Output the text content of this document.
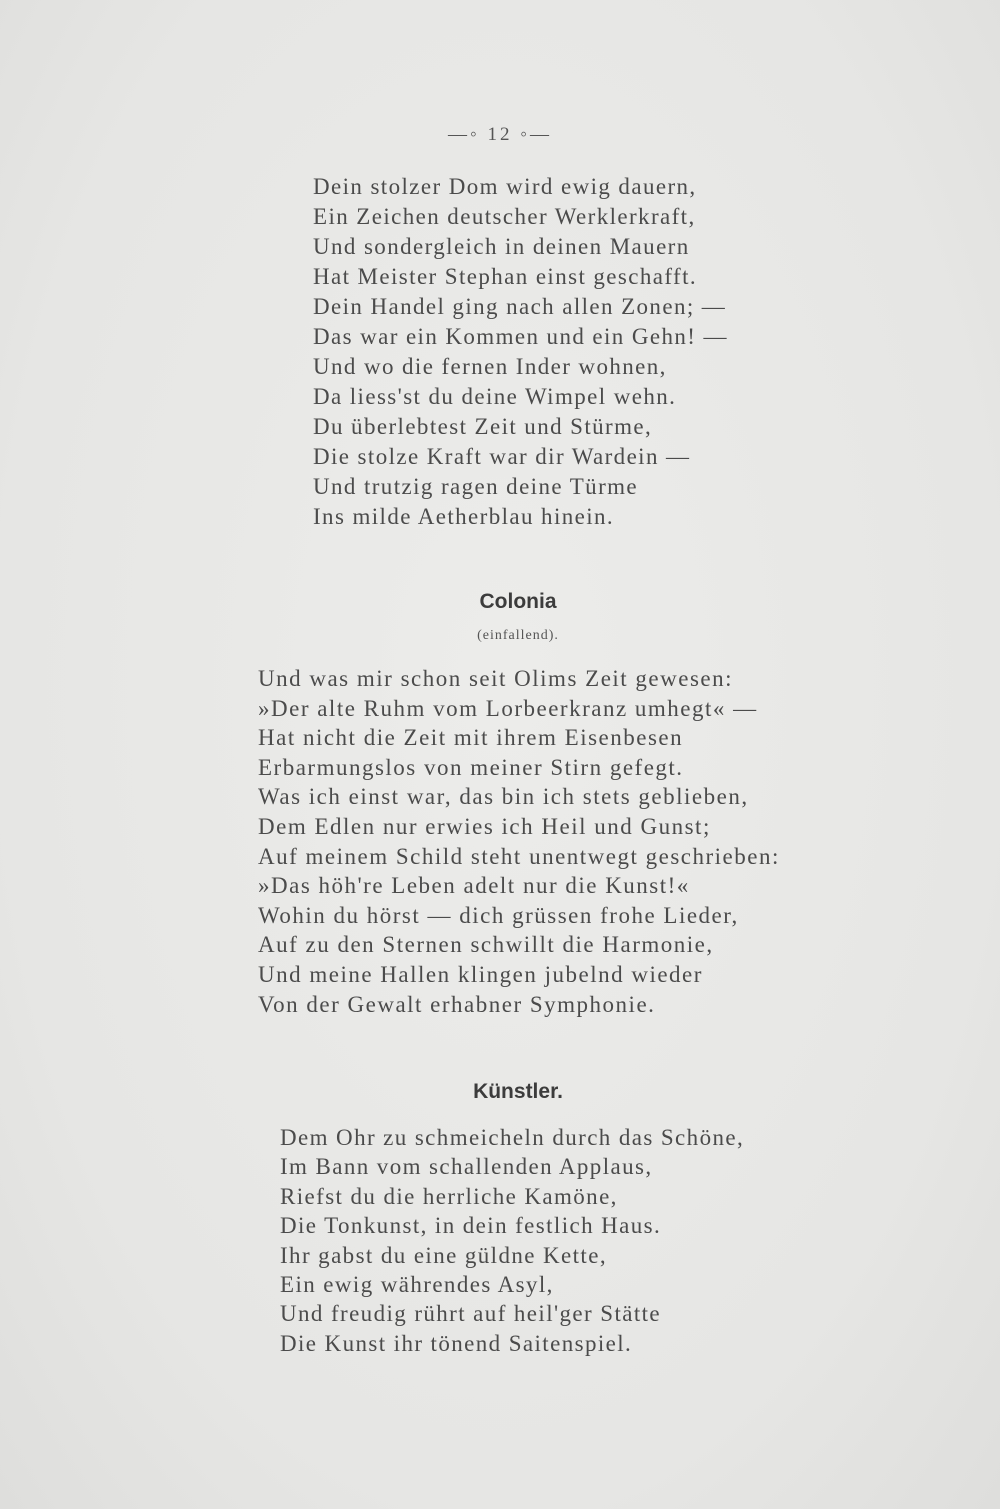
—◦ 12 ◦—
Dein stolzer Dom wird ewig dauern,
Ein Zeichen deutscher Werklerkraft,
Und sondergleich in deinen Mauern
Hat Meister Stephan einst geschafft.
Dein Handel ging nach allen Zonen; —
Das war ein Kommen und ein Gehn! —
Und wo die fernen Inder wohnen,
Da liess'st du deine Wimpel wehn.
Du überlebtest Zeit und Stürme,
Die stolze Kraft war dir Wardein —
Und trutzig ragen deine Türme
Ins milde Aetherblau hinein.
Colonia
(einfallend).
Und was mir schon seit Olims Zeit gewesen:
»Der alte Ruhm vom Lorbeerkranz umhegt« —
Hat nicht die Zeit mit ihrem Eisenbesen
Erbarmungslos von meiner Stirn gefegt.
Was ich einst war, das bin ich stets geblieben,
Dem Edlen nur erwies ich Heil und Gunst;
Auf meinem Schild steht unentwegt geschrieben:
»Das höh're Leben adelt nur die Kunst!«
Wohin du hörst — dich grüssen frohe Lieder,
Auf zu den Sternen schwillt die Harmonie,
Und meine Hallen klingen jubelnd wieder
Von der Gewalt erhabner Symphonie.
Künstler.
Dem Ohr zu schmeicheln durch das Schöne,
Im Bann vom schallenden Applaus,
Riefst du die herrliche Kamöne,
Die Tonkunst, in dein festlich Haus.
Ihr gabst du eine güldne Kette,
Ein ewig währendes Asyl,
Und freudig rührt auf heil'ger Stätte
Die Kunst ihr tönend Saitenspiel.
